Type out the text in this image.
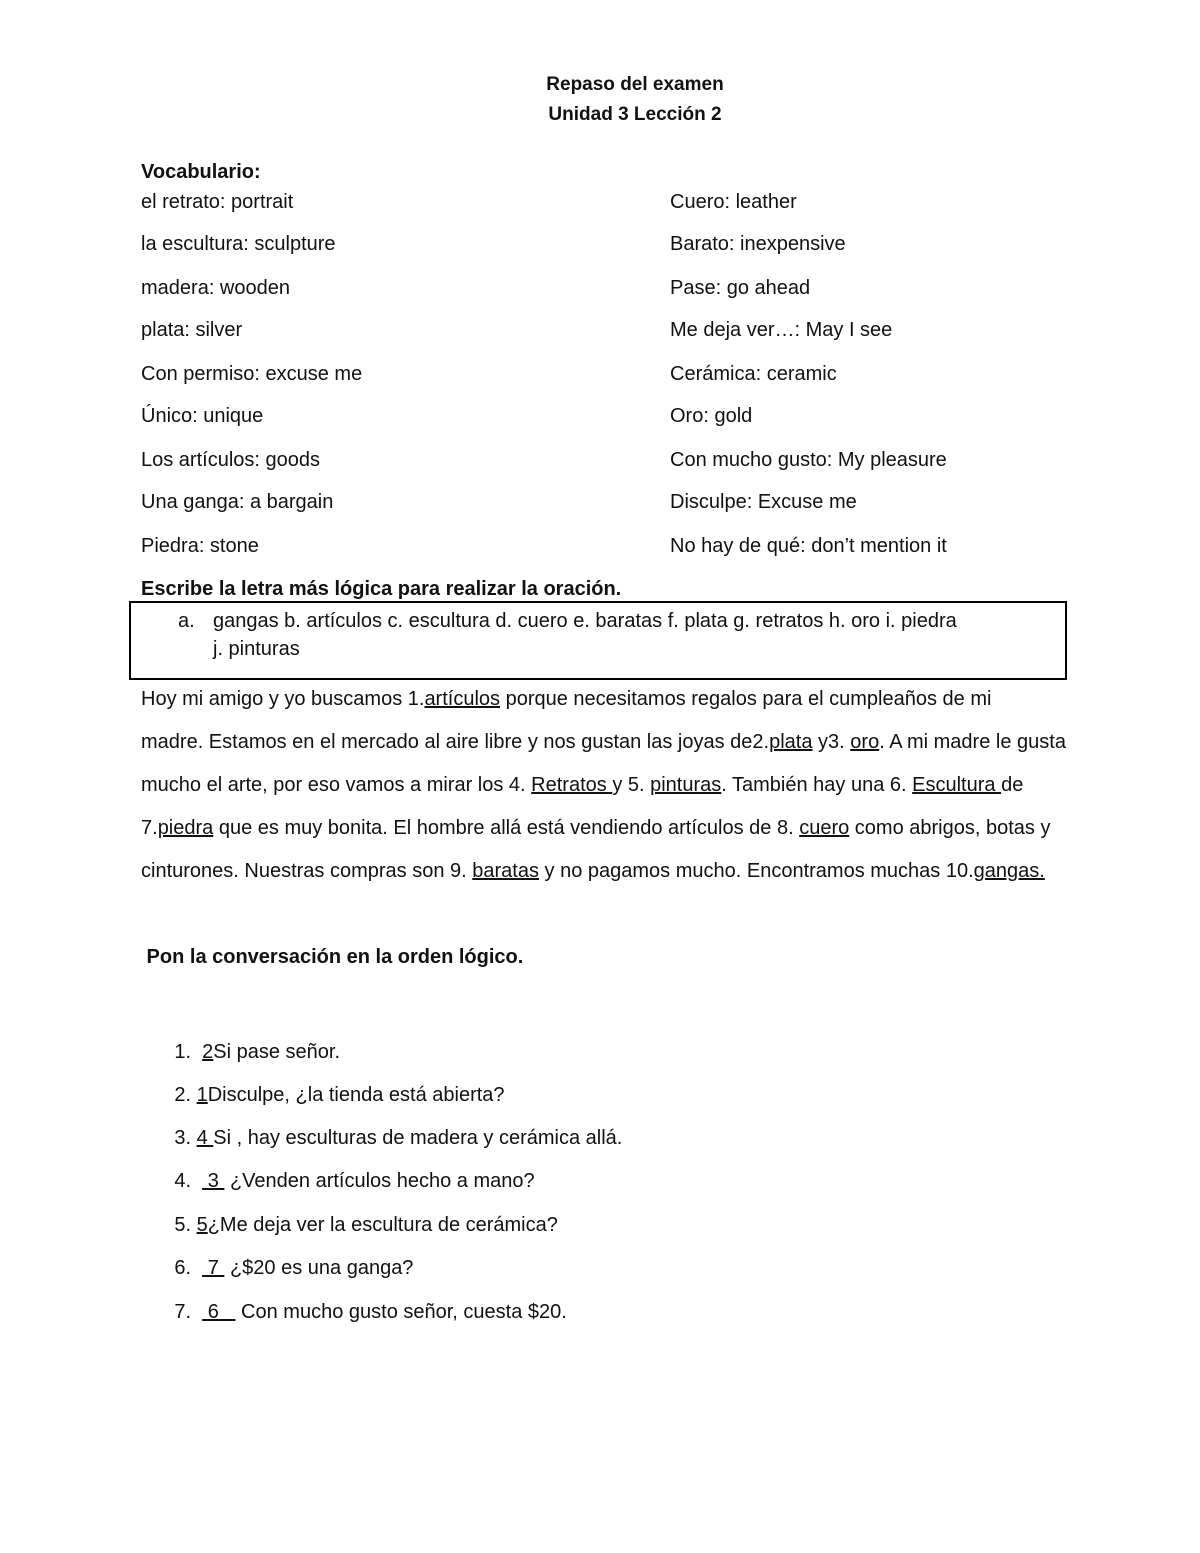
Repaso del examen
Unidad 3 Lección 2
Vocabulario:
el retrato: portrait	Cuero: leather
la escultura: sculpture	Barato: inexpensive
madera: wooden	Pase: go ahead
plata: silver	Me deja ver…: May I see
Con permiso: excuse me	Cerámica: ceramic
Único: unique	Oro: gold
Los artículos: goods	Con mucho gusto: My pleasure
Una ganga: a bargain	Disculpe: Excuse me
Piedra: stone	No hay de qué: don’t mention it
Escribe la letra más lógica para realizar la oración.
a. gangas b. artículos c. escultura d. cuero e. baratas f. plata g. retratos h. oro i. piedra
j. pinturas
Hoy mi amigo y yo buscamos 1.artículos porque necesitamos regalos para el cumpleaños de mi
madre. Estamos en el mercado al aire libre y nos gustan las joyas de2.plata y3. oro. A mi madre le gusta
mucho el arte, por eso vamos a mirar los 4. Retratos y 5. pinturas. También hay una 6. Escultura de
7.piedra que es muy bonita. El hombre allá está vendiendo artículos de 8. cuero como abrigos, botas y
cinturones. Nuestras compras son 9. baratas y no pagamos mucho. Encontramos muchas 10.gangas.
Pon la conversación en la orden lógico.

1.  2Si pase señor.

2. 1Disculpe, ¿la tienda está abierta?

3. 4 Si , hay esculturas de madera y cerámica allá.

4.   3  ¿Venden artículos hecho a mano?

5. 5¿Me deja ver la escultura de cerámica?

6.   7  ¿$20 es una ganga?

7.   6    Con mucho gusto señor, cuesta $20.
